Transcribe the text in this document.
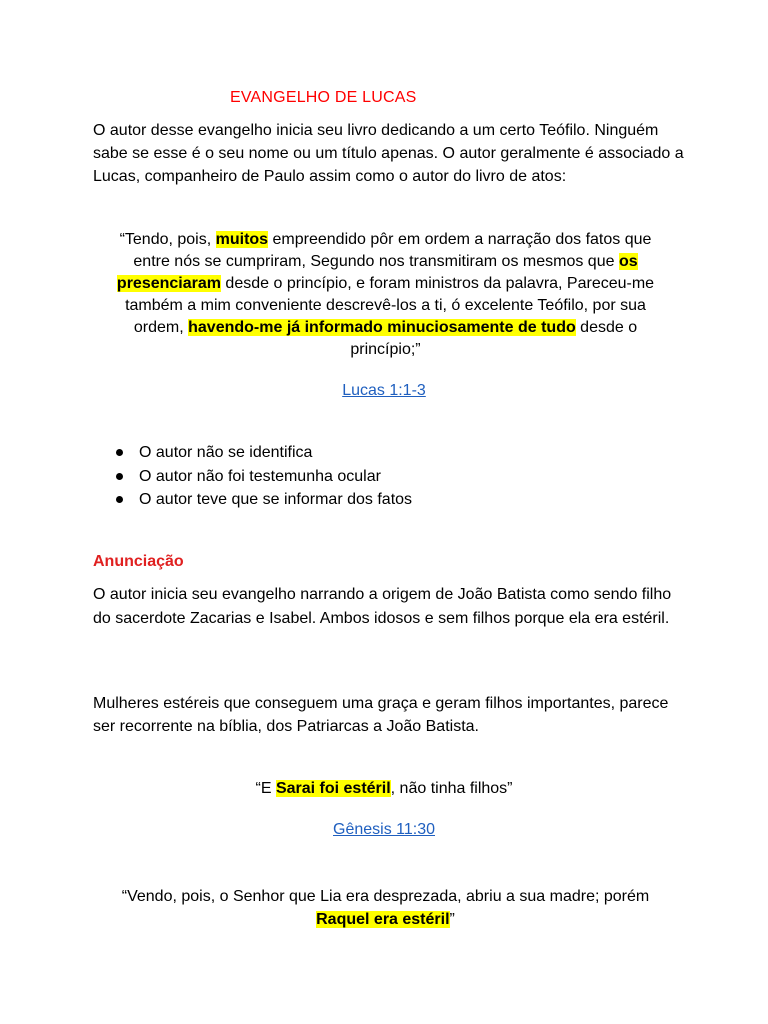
EVANGELHO DE LUCAS

O autor desse evangelho inicia seu livro dedicando a um certo Teófilo. Ninguém sabe se esse é o seu nome ou um título apenas. O autor geralmente é associado a Lucas, companheiro de Paulo assim como o autor do livro de atos:

“Tendo, pois, muitos empreendido pôr em ordem a narração dos fatos que entre nós se cumpriram, Segundo nos transmitiram os mesmos que os presenciaram desde o princípio, e foram ministros da palavra, Pareceu-me também a mim conveniente descrevê-los a ti, ó excelente Teófilo, por sua ordem, havendo-me já informado minuciosamente de tudo desde o princípio;”

Lucas 1:1-3

O autor não se identifica
O autor não foi testemunha ocular
O autor teve que se informar dos fatos

Anunciação

O autor inicia seu evangelho narrando a origem de João Batista como sendo filho do sacerdote Zacarias e Isabel. Ambos idosos e sem filhos porque ela era estéril.

Mulheres estéreis que conseguem uma graça e geram filhos importantes, parece ser recorrente na bíblia, dos Patriarcas a João Batista.

“E Sarai foi estéril, não tinha filhos”

Gênesis 11:30

“Vendo, pois, o Senhor que Lia era desprezada, abriu a sua madre; porém Raquel era estéril”
